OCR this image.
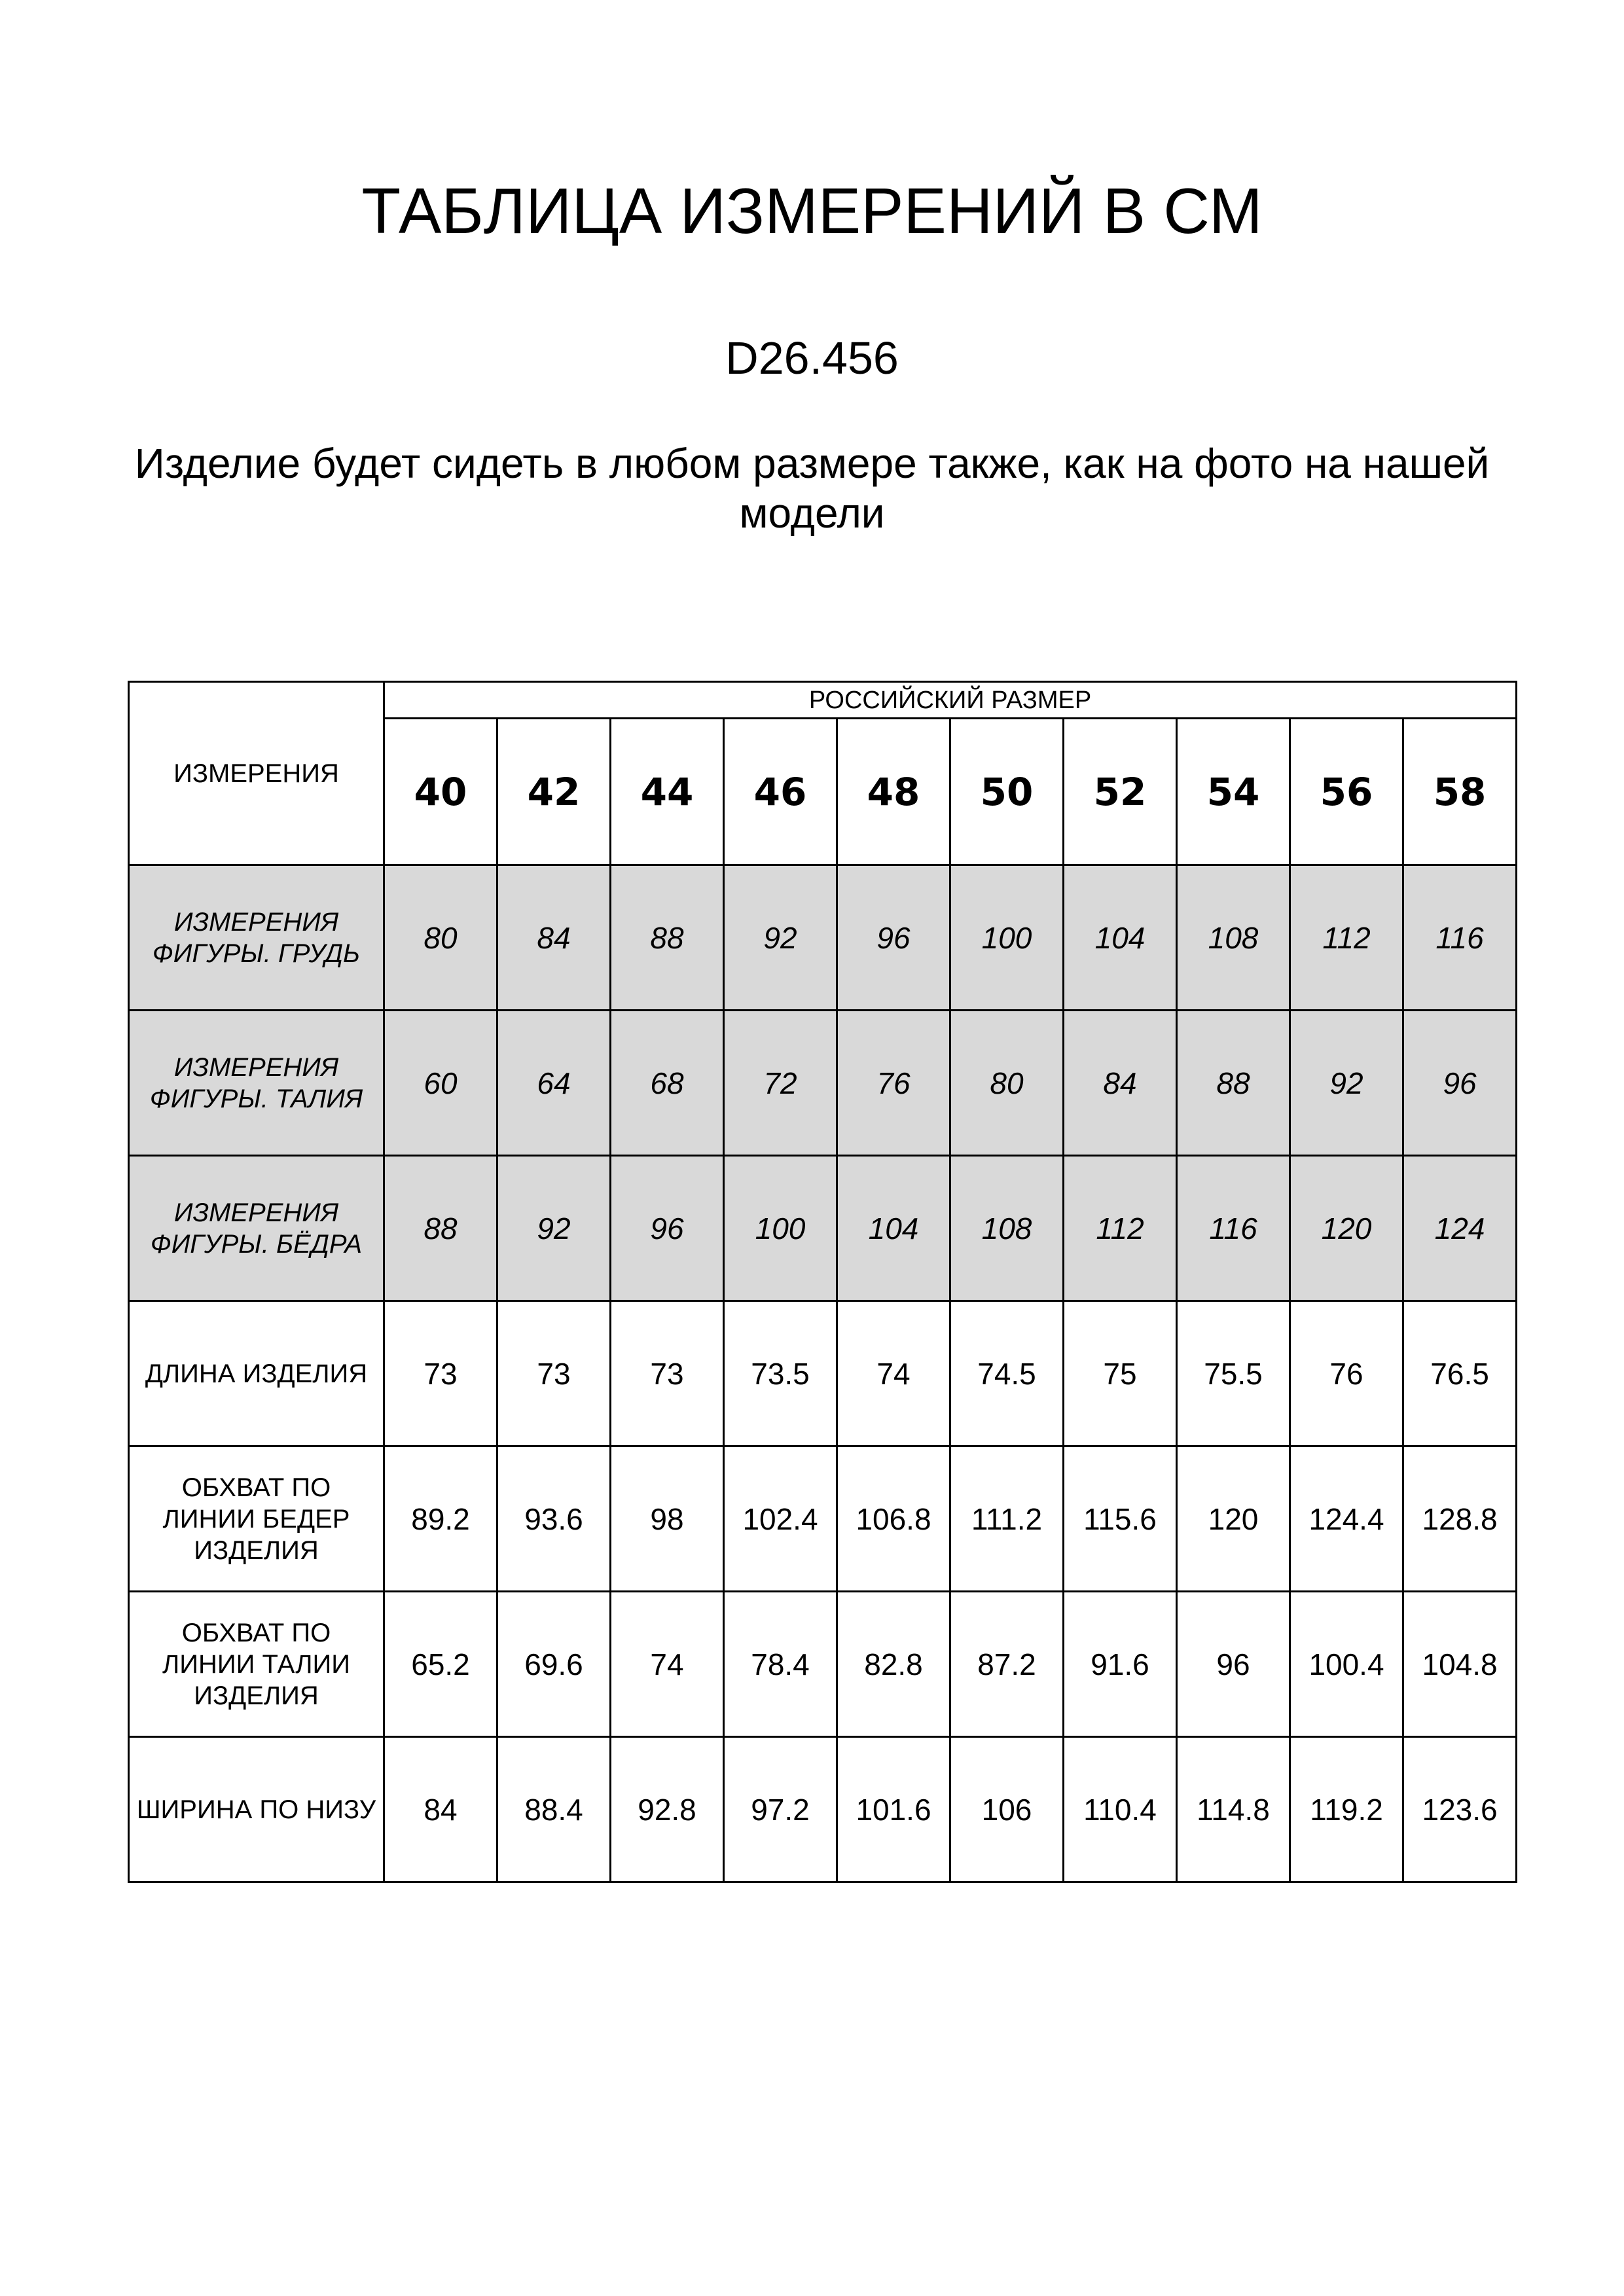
ТАБЛИЦА ИЗМЕРЕНИЙ В СМ
D26.456
Изделие будет сидеть в любом размере также, как на фото на нашей модели
ИЗМЕРЕНИЯ	РОССИЙСКИЙ РАЗМЕР									
	40	42	44	46	48	50	52	54	56	58
ИЗМЕРЕНИЯ ФИГУРЫ. ГРУДЬ	80	84	88	92	96	100	104	108	112	116
ИЗМЕРЕНИЯ ФИГУРЫ. ТАЛИЯ	60	64	68	72	76	80	84	88	92	96
ИЗМЕРЕНИЯ ФИГУРЫ. БЁДРА	88	92	96	100	104	108	112	116	120	124
ДЛИНА ИЗДЕЛИЯ	73	73	73	73.5	74	74.5	75	75.5	76	76.5
ОБХВАТ ПО ЛИНИИ БЕДЕР ИЗДЕЛИЯ	89.2	93.6	98	102.4	106.8	111.2	115.6	120	124.4	128.8
ОБХВАТ ПО ЛИНИИ ТАЛИИ ИЗДЕЛИЯ	65.2	69.6	74	78.4	82.8	87.2	91.6	96	100.4	104.8
ШИРИНА ПО НИЗУ	84	88.4	92.8	97.2	101.6	106	110.4	114.8	119.2	123.6
